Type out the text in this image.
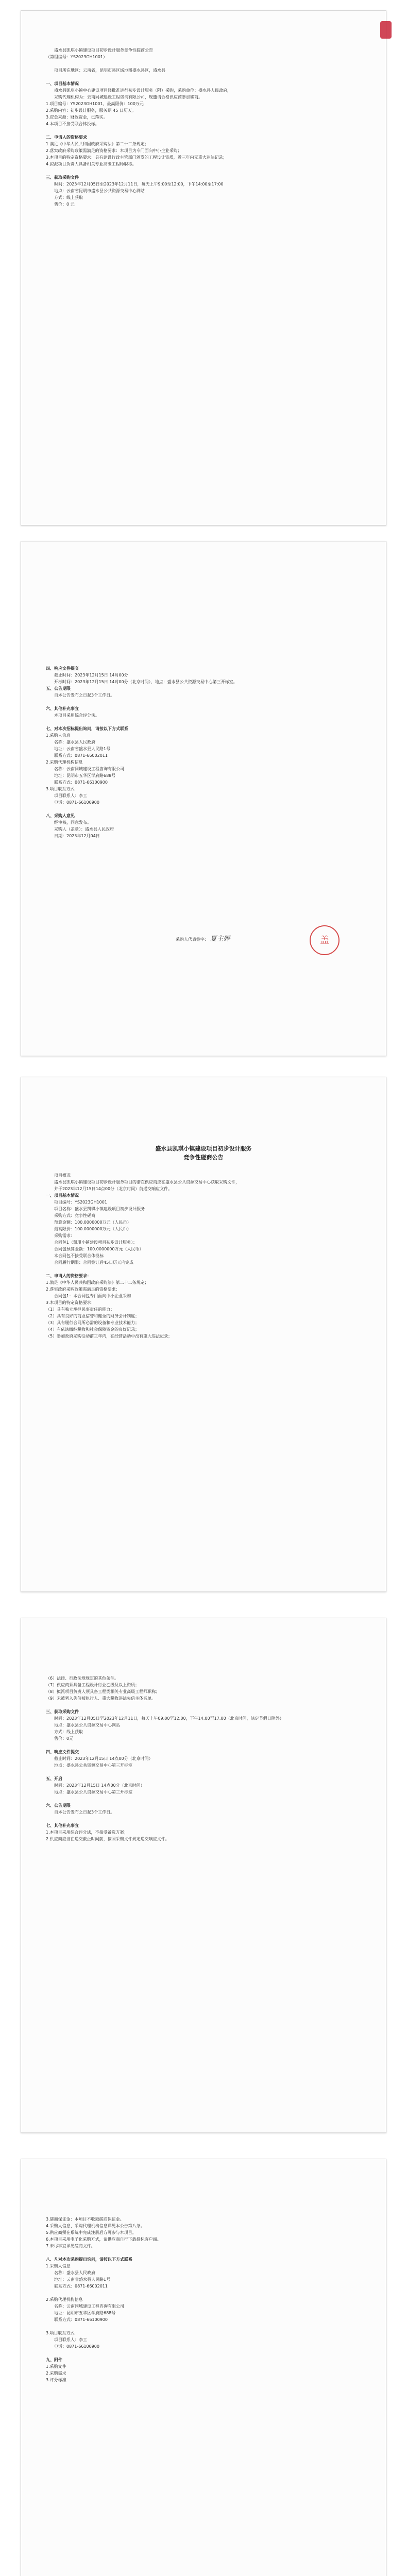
盛水县凯琪小镇建设项目初步设计服务竞争性磋商公告

（第组编号：YS2023GH1001）

项目所在地区：云南省，昆明市县区域地图盛水县区，盛水县

一、项目基本情况

盛水县凯琪小镇中心建设项目经批准进行初步设计服务（附）采购，采购单位：盛水县人民政府，

采购代理机构为：云南同城建设工程咨询有限公司，现邀请合格供应商参加磋商。

1.项目编号：YS2023GH1001，最高限价：100万元

2.采购内容：初步设计服务，服务期 45 日历天。

3.资金来源：财政资金，已落实。

4.本项目不接受联合体投标。

二、申请人的资格要求

1.满足《中华人民共和国政府采购法》第二十二条规定；

2.落实政府采购政策需满足的资格要求：本项目为专门面向中小企业采购；

3.本项目的特定资格要求：具有建设行政主管部门颁发的工程设计资质，近三年内无重大违法记录；

4.拟派项目负责人具备相关专业高级工程师职称。

三、获取采购文件

时间：2023年12月05日至2023年12月11日，每天上午9:00至12:00，下午14:00至17:00

地点：云南省昆明市盛水县公共资源交易中心网站

方式：线上获取

售价：0 元

四、响应文件提交

截止时间：2023年12月15日 14时00分

开标时间：2023年12月15日 14时00分（北京时间），地点：盛水县公共资源交易中心第三开标室。

五、公告期限

自本公告发布之日起3个工作日。

六、其他补充事宜

本项目采用综合评分法。

七、对本次招标提出询问，请按以下方式联系

1.采购人信息

名称：盛水县人民政府

地址：云南省盛水县人民路1号

联系方式：0871-66002011

2.采购代理机构信息

名称：云南同城建设工程咨询有限公司

地址：昆明市五华区学府路688号

联系方式：0871-66100900

3.项目联系方式

项目联系人：李工

电话：0871-66100900

八、采购人意见

经审核，同意发布。

采购人（盖章）：盛水县人民政府

日期：2023年12月04日

采购人代表签字： 夏主婷	盖

盛水县凯琪小镇建设项目初步设计服务

竞争性磋商公告

项目概况

盛水县凯琪小镇建设项目初步设计服务项目的潜在供应商应在盛水县公共资源交易中心获取采购文件，

并于2023年12月15日14点00分（北京时间）前递交响应文件。

一、项目基本情况

项目编号：YS2023GH1001

项目名称：盛水县凯琪小镇建设项目初步设计服务

采购方式：竞争性磋商

预算金额：100.0000000万元（人民币）

最高限价：100.0000000万元（人民币）

采购需求：

合同包1（凯琪小镇建设项目初步设计服务）：

合同包预算金额：100.0000000万元（人民币）

本合同包不接受联合体投标

合同履行期限：合同签订后45日历天内完成

二、申请人的资格要求：

1.满足《中华人民共和国政府采购法》第二十二条规定；

2.落实政府采购政策需满足的资格要求：

合同包1：本合同包专门面向中小企业采购

3.本项目的特定资格要求：

（1）具有独立承担民事责任的能力；

（2）具有良好的商业信誉和健全的财务会计制度；

（3）具有履行合同所必需的设备和专业技术能力；

（4）有依法缴纳税收和社会保障资金的良好记录；

（5）参加政府采购活动前三年内，在经营活动中没有重大违法记录；

（6）法律、行政法规规定的其他条件。

（7）供应商须具备工程设计行业乙级及以上资质；

（8）拟派项目负责人须具备工程类相关专业高级工程师职称；

（9）未被列入失信被执行人、重大税收违法失信主体名单。

三、获取采购文件

时间：2023年12月05日至2023年12月11日，每天上午09:00至12:00，下午14:00至17:00（北京时间，法定节假日除外）

地点：盛水县公共资源交易中心网站

方式：线上获取

售价：0元

四、响应文件提交

截止时间：2023年12月15日 14点00分（北京时间）

地点：盛水县公共资源交易中心第三开标室

五、开启

时间：2023年12月15日 14点00分（北京时间）

地点：盛水县公共资源交易中心第三开标室

六、公告期限

自本公告发布之日起3个工作日。

七、其他补充事宜

1.本项目采用综合评分法，不接受备选方案；

2.供应商应当在递交截止时间前，按照采购文件规定递交响应文件。

3.磋商保证金：本项目不收取磋商保证金。

4.采购人信息、采购代理机构信息详见本公告第八条。

5.供应商须在系统中完成注册后方可参与本项目。

6.本项目采用电子化采购方式，请供应商自行下载投标客户端。

7.未尽事宜详见磋商文件。

八、凡对本次采购提出询问，请按以下方式联系

1.采购人信息

名称：盛水县人民政府

地址：云南省盛水县人民路1号

联系方式：0871-66002011

2.采购代理机构信息

名称：云南同城建设工程咨询有限公司

地址：昆明市五华区学府路688号

联系方式：0871-66100900

3.项目联系方式

项目联系人：李工

电话：0871-66100900

九、附件

1.采购文件

2.采购需求

3.评分标准
